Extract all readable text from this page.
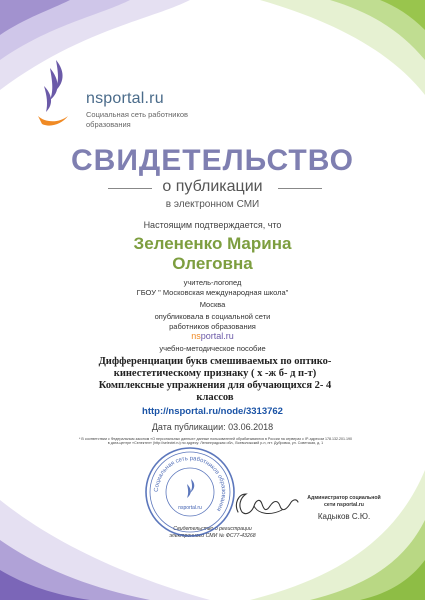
nsportal.ru
Социальная сеть работников образования
СВИДЕТЕЛЬСТВО
о публикации
в электронном СМИ
Настоящим подтверждается, что
Зелененко Марина
Олеговна
учитель-логопед
ГБОУ " Московская международная школа"
Москва
опубликовала в социальной сети
работников образования
nsportal.ru
учебно-методическое пособие
Дифференциации букв смешиваемых по оптико-кинестетическому признаку ( х -ж б- д п-т) Комплексные упражнения для обучающихся 2- 4 классов
http://nsportal.ru/node/3313762
Дата публикации: 03.06.2018
* В соответствии с Федеральным законом «О персональных данных» данные пользователей обрабатываются в России на серверах с IP-адресом 178.132.201.190 в дата-центре «Селектел» (http://selectel.ru) по адресу: Ленинградская обл., Всеволожский р-н, пгт. Дубровка, ул. Советская, д. 1
Социальная сеть работников образования
nsportal.ru
Администратор социальной
сети nsportal.ru
Кадыков С.Ю.
Свидетельство о регистрации
электронного СМИ № ФС77-43268
